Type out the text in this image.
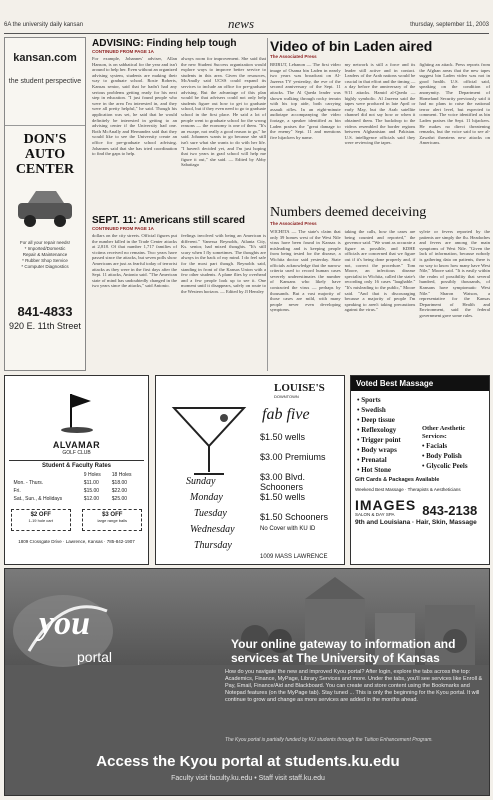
6A the university daily kansan	news	thursday, september 11, 2003
kansan.com
the student perspective
DON'S AUTO CENTER
For all your repair needs!
* Imported/Domestic
Repair & Maintenance
* Rubber Shop Service
* Computer Diagnostics
841-4833
920 E. 11th Street
ADVISING: Finding help tough
CONTINUED FROM PAGE 1A
For example, Johannes' adviser, Allan Hanson, is on sabbatical for the year and isn't around to help her. Even without an organized advising system, students are making their way to graduate school. Rosie Roberts, Kansas senior, said that he hadn't had any serious problems getting ready for his next step in education. "I just found people who were in the area I'm interested in, and they were all pretty helpful," he said. Though his application was set, he said that he would definitely be interested in getting to an advising center if the University had one. Both McAnally and Hernandez said that they would like to see the University create an office for pre-graduate school advising. Johannes said that she has tried coordination to find the gaps to help.
always room for improvement. She said that the new Student Success organization would explore ways to improve better service to students in this area. Given the resources, McAnally said UCSS could expand its services to include an office for pre-graduate advising. But the advantage of this plan would be that advisers could not only help students figure out how to get to graduate school, but if they even need to go to graduate school in the first place. He said a lot of people went to graduate school for the wrong reasons — the economy is one of them. "It's an escape, not really a good reason to go," he said. Johannes wants to go because she still isn't sure what she wants to do with her life. "I haven't decided yet, and I'm just hoping that two years in grad school will help me figure it out," she said. — Edited by Abby Sabatiago
SEPT. 11: Americans still scared
CONTINUED FROM PAGE 1A
dollars on the city streets. Official figures put the number killed in the Trade Center attacks at 2,818. Of that number 1,717 families of victims received no remains. Two years have passed since the attacks, but seven polls show Americans are just as fearful today of terrorist attacks as they were in the first days after the Sept. 11 attacks, Antonio said. "The American state of mind has undoubtedly changed in the two years since the attacks," said Antonio.
feelings involved with being an American is different." Vanessa Reynolds, Atlanta City, Ks. senior, had mixed thoughts. "It's still scary when I fly sometimes. The thoughts are always in the back of my mind. I do feel safe for the most part though. Reynolds said, standing in front of the Kansas Union with a few other students. A plane flies by overhead and a few people look up to see it. One moment until it disappears, safely on route to the Western horizon. — Edited by Jl Hensley
Video of bin Laden aired
The Associated Press
BEIRUT, Lebanon — The first video image of Osama bin Laden in nearly two years was broadcast on Al-Jazeera TV yesterday, the eve of the second anniversary of the Sept. 11 attacks. The Al Qaeda leader was shown walking through rocky terrain with his top aide, both carrying assault rifles. In an eight-minute audiotape accompanying the video footage, a speaker identified as bin Laden praises the "great damage to the enemy" Sept. 11 and mentions five hijackers by name.
my network is still a force and its leader still active and in contact. Leaders of the Arab nations would be crucial in that effort and the timing — a day before the anniversary of the 9/11 attacks. Hamid al-Qaeda — highly symbolic. Al Jazeera said the tapes were produced in late April or early May, but the Arab satellite channel did not say how or when it obtained them. The backdrop to the videos resembled the border regions between Afghanistan and Pakistan. U.S. intelligence officials said they were reviewing the tapes.
fighting an attack. Press reports from the Afghan areas that the new tapes suggest bin Laden video was not in good health. U.S. official said, speaking on the condition of anonymity. The Department of Homeland Security previously said it had no plans to raise the national terror alert level, but expected to comment. The voice identified as bin Laden praises the Sept. 11 hijackers. He makes no direct threatening remarks, but the voice said to see al-Zawahri threatens new attacks on Americans.
Numbers deemed deceiving
The Associated Press
WICHITA — The state's claim that only 39 homes west of the West Nile virus have been found in Kansas is misleading and is keeping people from being tested for the disease, a Wichita doctor said yesterday. State officials acknowledge that the narrow criteria used to record human cases severely underestimates the number of Kansans who likely have contracted the virus — perhaps by thousands. But a vast majority of those cases are mild, with many people never even developing symptoms.
taking the calls, how the cases are being counted and reported," the governor said. "We want as accurate a figure as possible, and KDHE officials are concerned that we figure out if it's being done properly and, if not, correct the procedure." Tom Moore, an infectious disease specialist in Wichita, called the state's recording only 16 cases "laughable." "It's misleading to the public," Moore said. "And that is discouraging because a majority of people I'm speaking to aren't taking precautions against the virus."
sylvie or fevers reported by the patients are simply the flu. Headaches and fevers are among the main symptoms of West Nile. "Given the lack of information, because nobody is gathering data on patients, there is no way to know how many have West Nile," Moore said. "It is easily within the realm of possibility that several hundred, possibly thousands, of Kansans have symptomatic West Nile." Sharon Watson, a representative for the Kansas Department of Health and Environment, said the federal government gave some rules.
ALVAMAR
GOLF CLUB
Student & Faculty Rates
	9 Holes	18 Holes
Mon. - Thurs.	$11.00	$18.00
Fri.	$15.00	$22.00
Sat., Sun., & Holidays	$12.00	$25.00
$2 OFF
1-19 hole cart
$3 OFF
large range balls
1809 Crossgate Drive · Lawrence, Kansas · 785-842-1907
LOUISE'S
DOWNTOWN
fab five
Sunday
Monday
Tuesday
Wednesday
Thursday
$1.50 wells
$3.00 Premiums
$3.00 Blvd. Schooners
$1.50 wells
$1.50 Schooners
No Cover with KU ID
1009 MASS LAWRENCE
Voted Best Massage
• Sports
• Swedish
• Deep tissue
• Reflexology
• Trigger point
• Body wraps
• Prenatal
• Hot Stone
Other Aesthetic Services:
• Facials
• Body Polish
• Glycolic Peels
Gift Cards & Packages Available
Weekend Best Massage · Therapists & Aestheticians
IMAGES
SALON & DAY SPA	843-2138
9th and Louisiana · Hair, Skin, Massage
you
portal
Your online gateway to information and services at The University of Kansas
How do you navigate the new and improved Kyou portal? After login, explore the tabs across the top: Academics, Finance, MyPage, Library Services and more. Under the tabs, you'll see services like Enroll & Pay, Email, Finance/Aid and Blackboard. You can create and store content using the Bookmarks and Notepad features (on the MyPage tab). Stay tuned ... This is only the beginning for the Kyou portal. It will continue to grow and change as more services are added in the months ahead.
The Kyou portal is partially funded by KU students through the Tuition Enhancement Program.
Access the Kyou portal at students.ku.edu
Faculty visit faculty.ku.edu • Staff visit staff.ku.edu
